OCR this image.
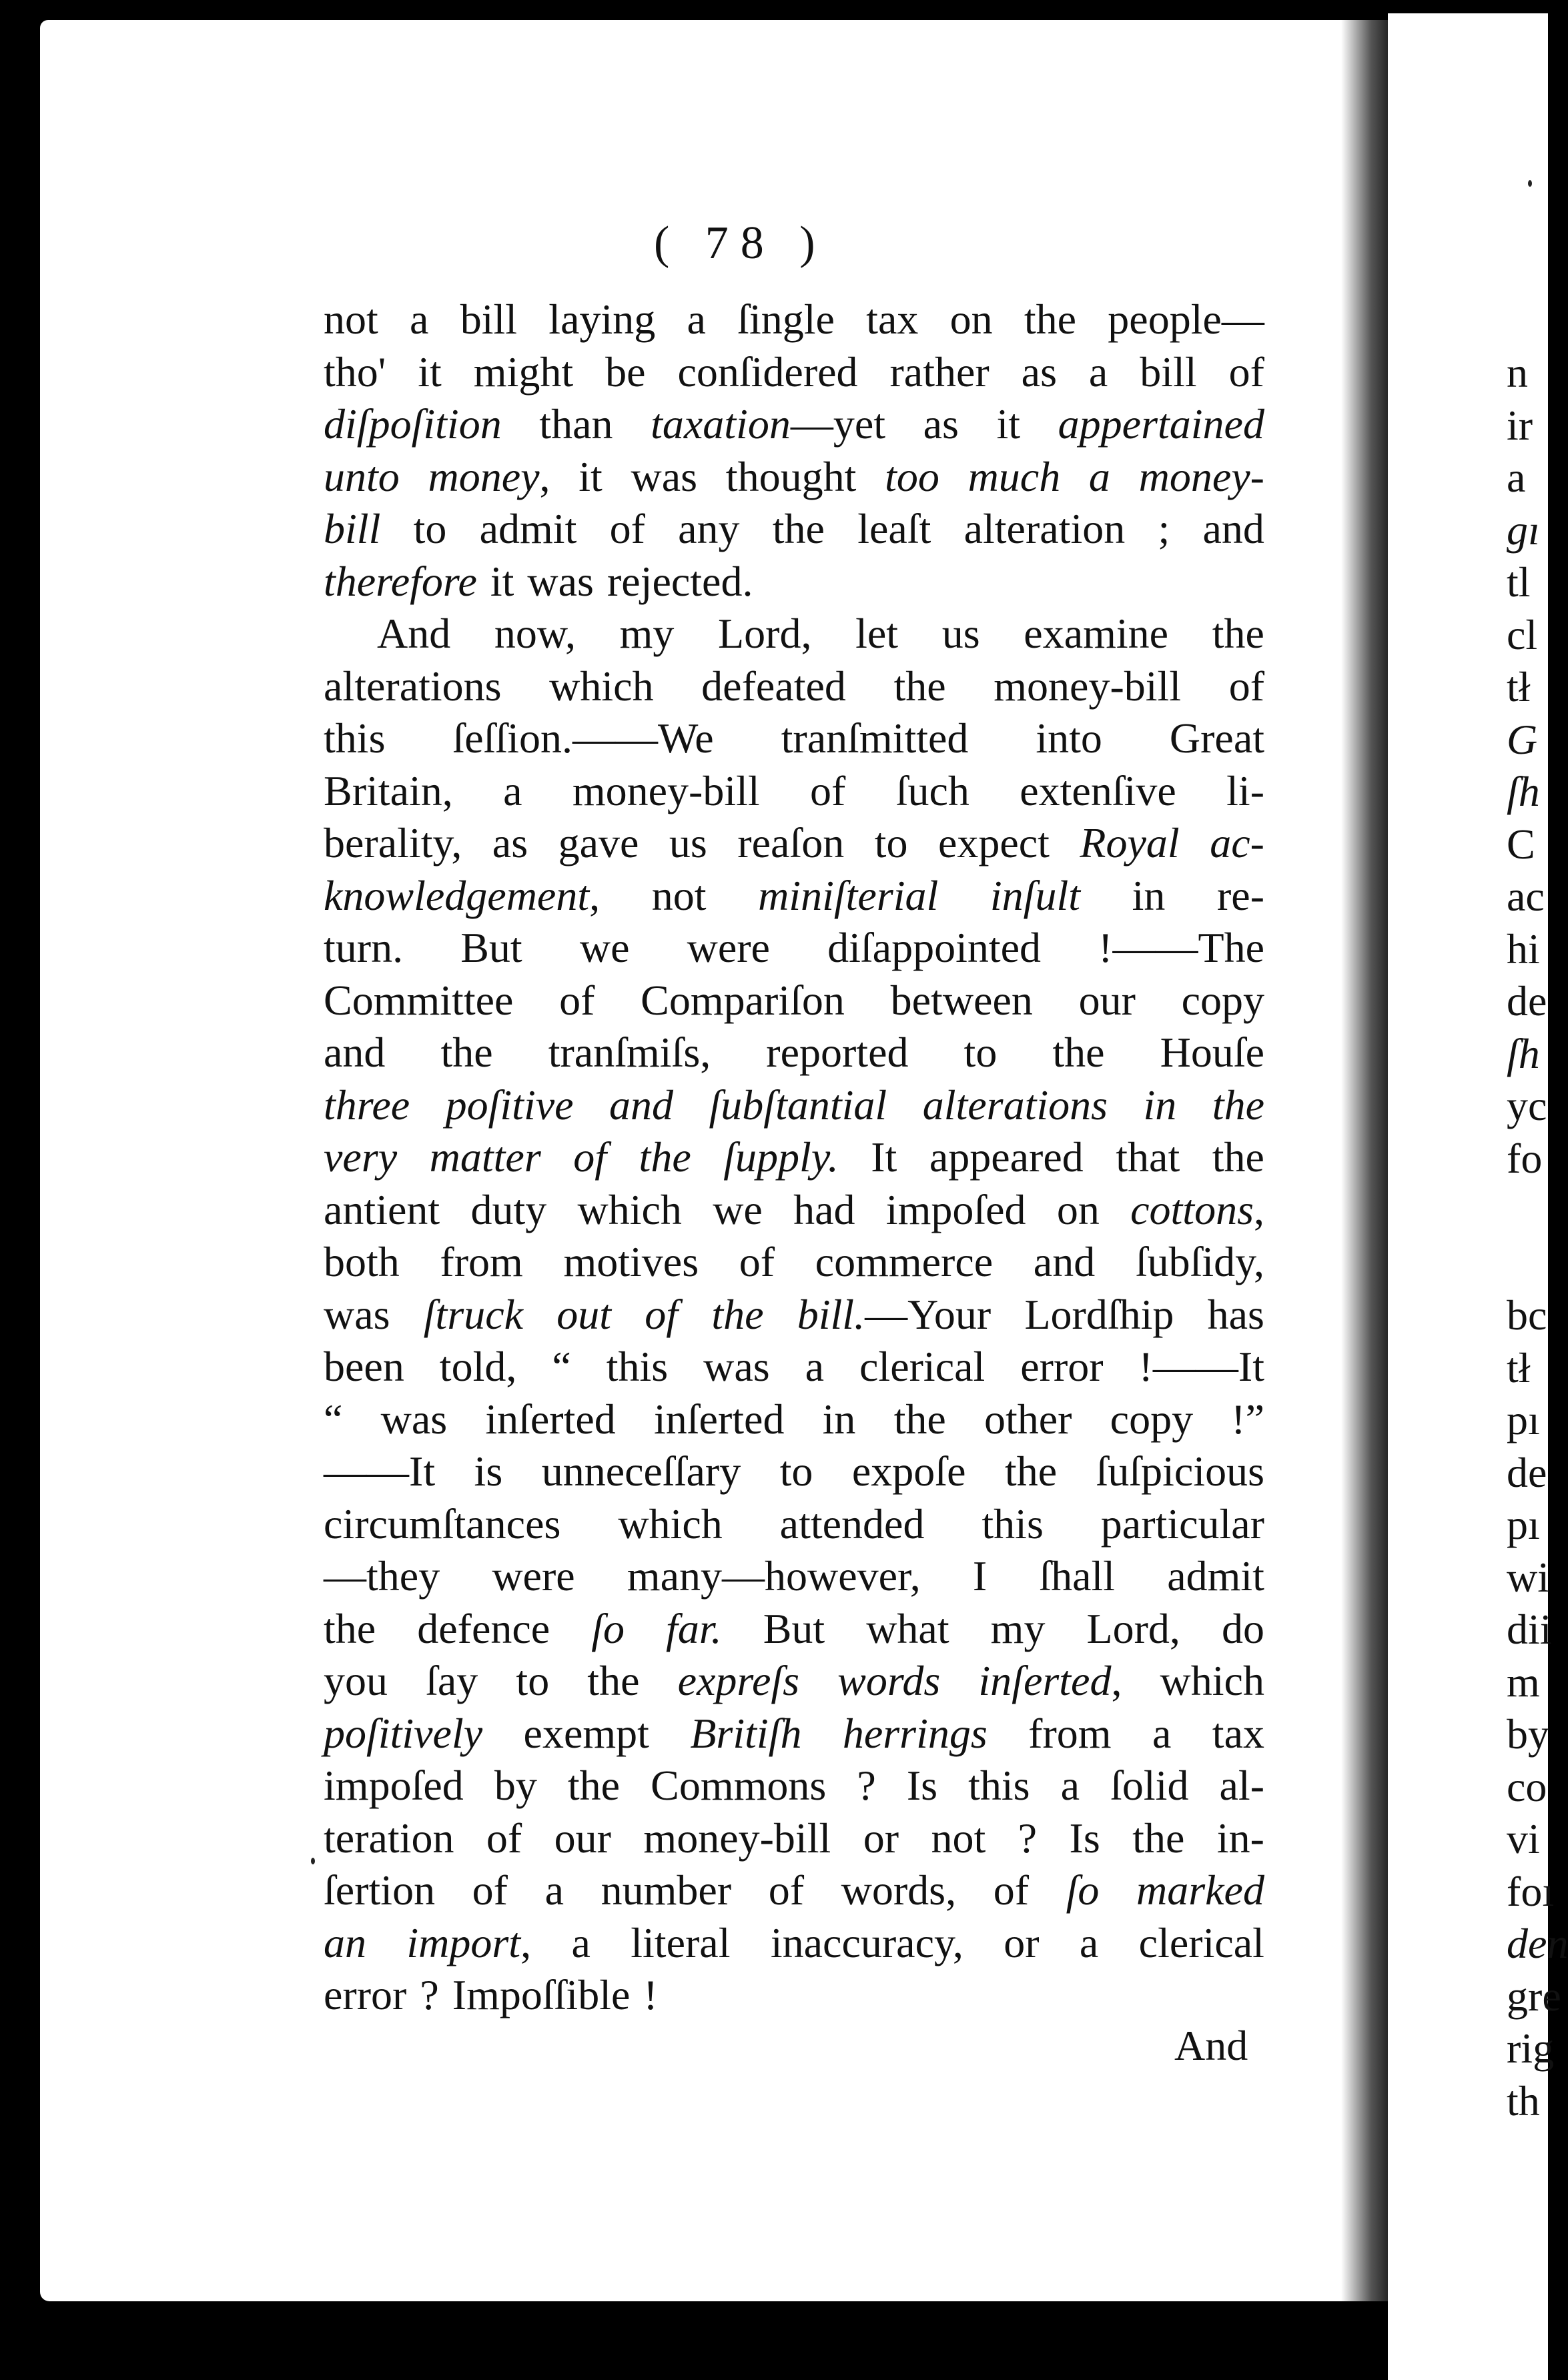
( 78 )
not a bill laying a ſingle tax on the people—
tho' it might be conſidered rather as a bill of
diſpoſition than taxation—yet as it appertained
unto money, it was thought too much a money-
bill to admit of any the leaſt alteration ; and
therefore it was rejected.
And now, my Lord, let us examine the
alterations which defeated the money-bill of
this ſeſſion.——We tranſmitted into Great
Britain, a money-bill of ſuch extenſive li-
berality, as gave us reaſon to expect Royal ac-
knowledgement, not miniſterial inſult in re-
turn. But we were diſappointed !——The
Committee of Compariſon between our copy
and the tranſmiſs, reported to the Houſe
three poſitive and ſubſtantial alterations in the
very matter of the ſupply. It appeared that the
antient duty which we had impoſed on cottons,
both from motives of commerce and ſubſidy,
was ſtruck out of the bill.—Your Lordſhip has
been told, “ this was a clerical error !——It
“ was inſerted inſerted in the other copy !”
——It is unneceſſary to expoſe the ſuſpicious
circumſtances which attended this particular
—they were many—however, I ſhall admit
the defence ſo far. But what my Lord, do
you ſay to the expreſs words inſerted, which
poſitively exempt Britiſh herrings from a tax
impoſed by the Commons ? Is this a ſolid al-
teration of our money-bill or not ? Is the in-
ſertion of a number of words, of ſo marked
an import, a literal inaccuracy, or a clerical
error ? Impoſſible !
And
n
ir
a
gı
tl
cl
tł
G
ſh
C
ac
hi
de
ſh
yc
fo
bc
tł
pı
de
pı
wi
dii
m
by
co
vi
foı
den
gre
rig
th
